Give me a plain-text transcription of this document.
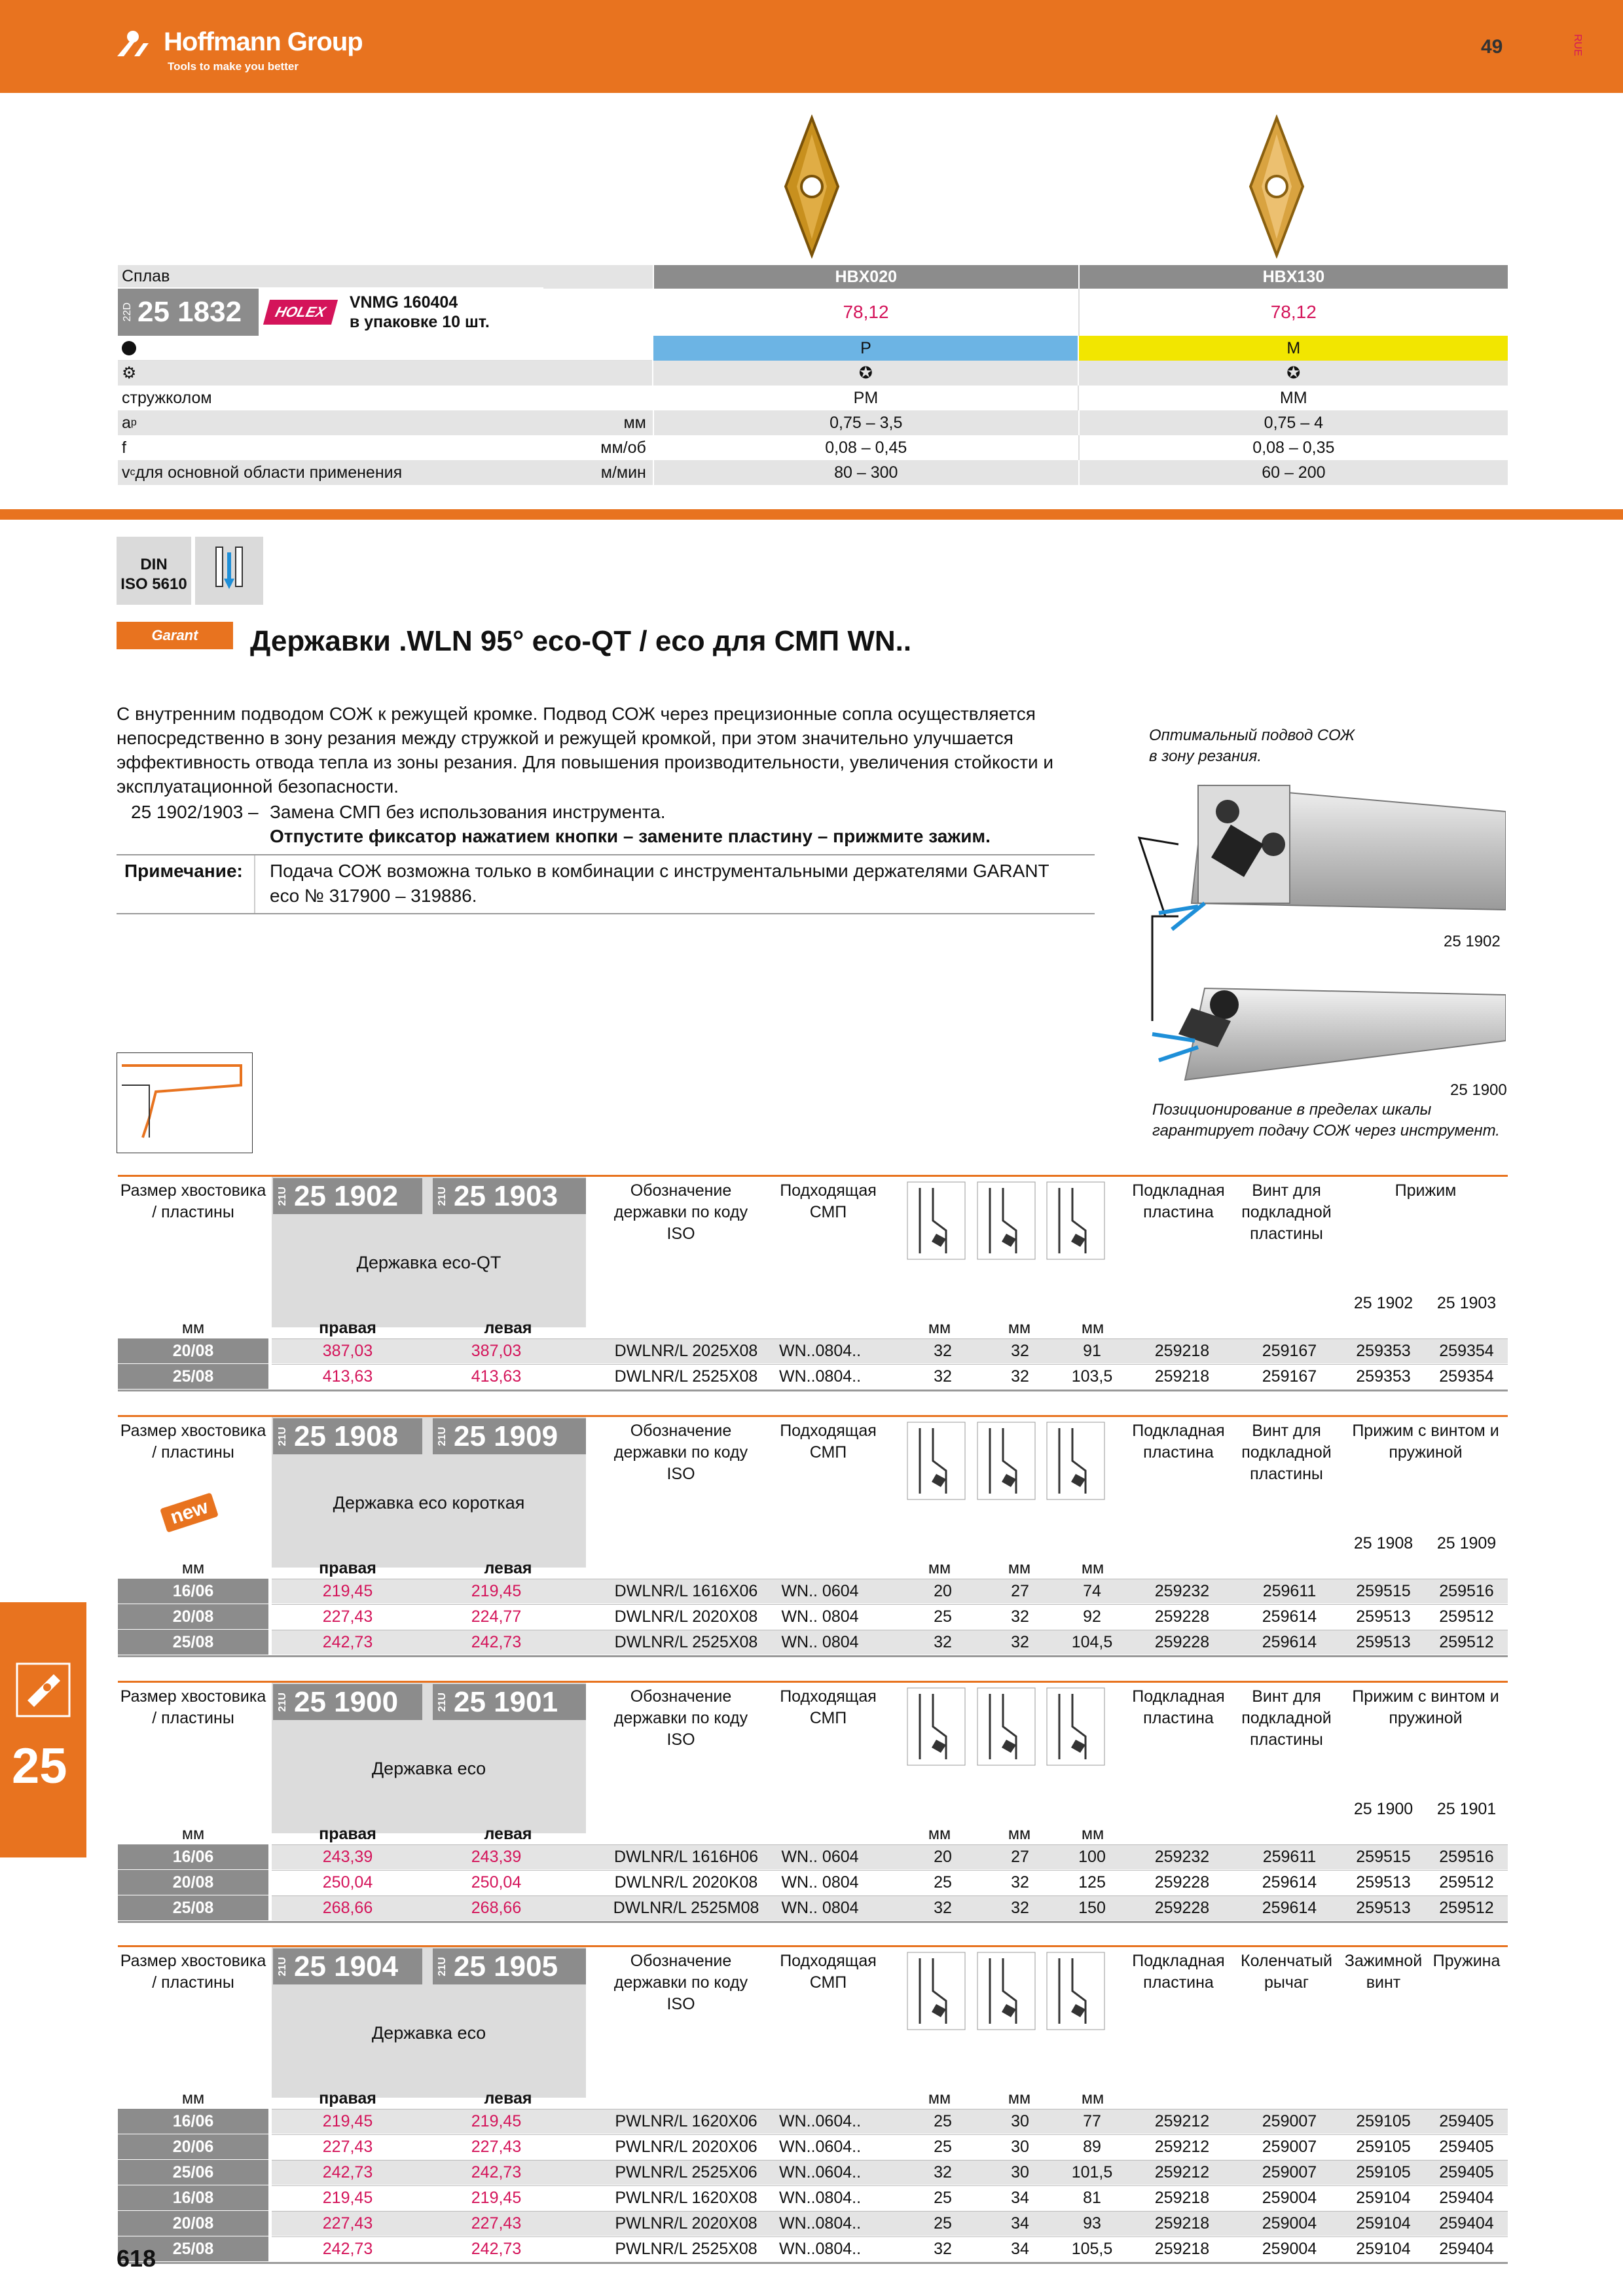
Hoffmann Group
Tools to make you better
49	RUE
Сплав	HBX020	HBX130
22D 25 1832	HOLEX
VNMG 160404
в упаковке 10 шт.	78,12	78,12
P	M
⚙	✪	✪
стружколом	PM	MM
a p	мм	0,75 – 3,5	0,75 – 4
f	мм/об	0,08 – 0,45	0,08 – 0,35
v c для основной области применения	м/мин	80 – 300	60 – 200
DIN
ISO 5610
Garant	Державки .WLN 95° eco-QT / eco для СМП WN..
С внутренним подводом СОЖ к режущей кромке. Подвод СОЖ через прецизионные сопла осуществляется
непосредственно в зону резания между стружкой и режущей кромкой, при этом значительно улучшается
эффективность отвода тепла из зоны резания. Для повышения производительности, увеличения стойкости и
эксплуатационной безопасности.
25 1902/1903 – Замена СМП без использования инструмента.
Отпустите фиксатор нажатием кнопки – замените пластину – прижмите зажим.
Примечание: Подача СОЖ возможна только в комбинации с инструментальными держателями GARANT
eco № 317900 – 319886.
Оптимальный подвод СОЖ
в зону резания.
25 1902
25 1900
Позиционирование в пределах шкалы
гарантирует подачу СОЖ через инструмент.
Размер хвостовика / пластины
21U 25 1902	21U 25 1903
Державка eco-QT
Обозначение державки по коду ISO
Подходящая СМП
Подкладная пластина
Винт для подкладной пластины
Прижим
25 1902	25 1903
мм	правая	левая	мм	мм	мм
20/08	387,03	387,03	DWLNR/L 2025X08	WN..0804..	32	32	91	259218	259167	259353	259354
25/08	413,63	413,63	DWLNR/L 2525X08	WN..0804..	32	32	103,5	259218	259167	259353	259354
Размер хвостовика / пластины
21U 25 1908	21U 25 1909
Державка eco короткая
new
Обозначение державки по коду ISO
Подходящая СМП
Подкладная пластина
Винт для подкладной пластины
Прижим с винтом и пружиной
25 1908	25 1909
мм	правая	левая	мм	мм	мм
16/06	219,45	219,45	DWLNR/L 1616X06	WN.. 0604	20	27	74	259232	259611	259515	259516
20/08	227,43	224,77	DWLNR/L 2020X08	WN.. 0804	25	32	92	259228	259614	259513	259512
25/08	242,73	242,73	DWLNR/L 2525X08	WN.. 0804	32	32	104,5	259228	259614	259513	259512
Размер хвостовика / пластины
21U 25 1900	21U 25 1901
Державка eco
Обозначение державки по коду ISO
Подходящая СМП
Подкладная пластина
Винт для подкладной пластины
Прижим с винтом и пружиной
25 1900	25 1901
мм	правая	левая	мм	мм	мм
16/06	243,39	243,39	DWLNR/L 1616H06	WN.. 0604	20	27	100	259232	259611	259515	259516
20/08	250,04	250,04	DWLNR/L 2020K08	WN.. 0804	25	32	125	259228	259614	259513	259512
25/08	268,66	268,66	DWLNR/L 2525M08	WN.. 0804	32	32	150	259228	259614	259513	259512
Размер хвостовика / пластины
21U 25 1904	21U 25 1905
Державка eco
Обозначение державки по коду ISO
Подходящая СМП
Подкладная пластина
Коленчатый рычаг
Зажимной винт
Пружина
мм	правая	левая	мм	мм	мм
16/06	219,45	219,45	PWLNR/L 1620X06	WN..0604..	25	30	77	259212	259007	259105	259405
20/06	227,43	227,43	PWLNR/L 2020X06	WN..0604..	25	30	89	259212	259007	259105	259405
25/06	242,73	242,73	PWLNR/L 2525X06	WN..0604..	32	30	101,5	259212	259007	259105	259405
16/08	219,45	219,45	PWLNR/L 1620X08	WN..0804..	25	34	81	259218	259004	259104	259404
20/08	227,43	227,43	PWLNR/L 2020X08	WN..0804..	25	34	93	259218	259004	259104	259404
25/08	242,73	242,73	PWLNR/L 2525X08	WN..0804..	32	34	105,5	259218	259004	259104	259404
25
618
